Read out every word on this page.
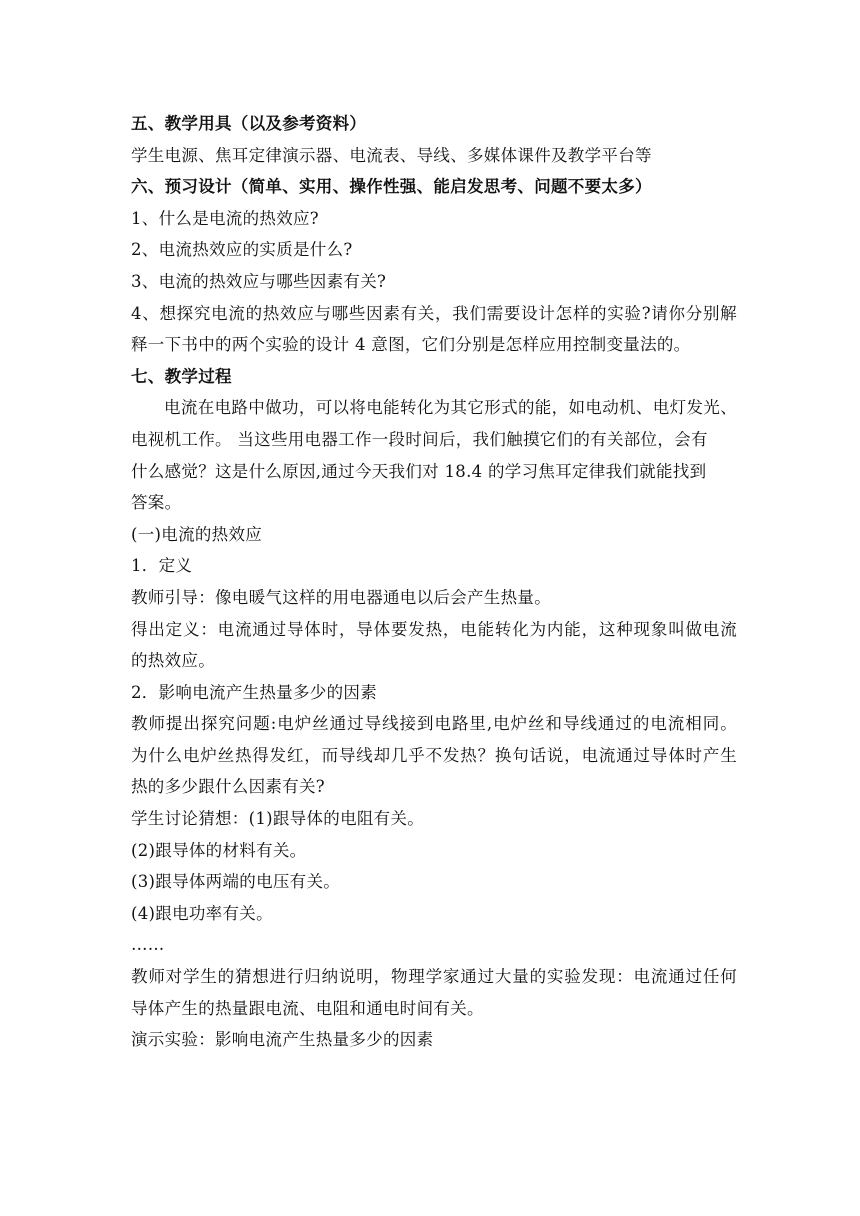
五、教学用具（以及参考资料）
学生电源、焦耳定律演示器、电流表、导线、多媒体课件及教学平台等
六、预习设计（简单、实用、操作性强、能启发思考、问题不要太多）
1、什么是电流的热效应?
2、电流热效应的实质是什么?
3、电流的热效应与哪些因素有关?
4、想探究电流的热效应与哪些因素有关，我们需要设计怎样的实验?请你分别解
释一下书中的两个实验的设计 4 意图，它们分别是怎样应用控制变量法的。
七、教学过程
电流在电路中做功，可以将电能转化为其它形式的能，如电动机、电灯发光、
电视机工作。 当这些用电器工作一段时间后，我们触摸它们的有关部位，会有
什么感觉？这是什么原因,通过今天我们对 18.4 的学习焦耳定律我们就能找到
答案。
(一)电流的热效应
1．定义
教师引导：像电暖气这样的用电器通电以后会产生热量。
得出定义：电流通过导体时，导体要发热，电能转化为内能，这种现象叫做电流
的热效应。
2．影响电流产生热量多少的因素
教师提出探究问题:电炉丝通过导线接到电路里,电炉丝和导线通过的电流相同。
为什么电炉丝热得发红，而导线却几乎不发热？换句话说，电流通过导体时产生
热的多少跟什么因素有关?
学生讨论猜想：(1)跟导体的电阻有关。
(2)跟导体的材料有关。
(3)跟导体两端的电压有关。
(4)跟电功率有关。
……
教师对学生的猜想进行归纳说明，物理学家通过大量的实验发现：电流通过任何
导体产生的热量跟电流、电阻和通电时间有关。
演示实验：影响电流产生热量多少的因素
